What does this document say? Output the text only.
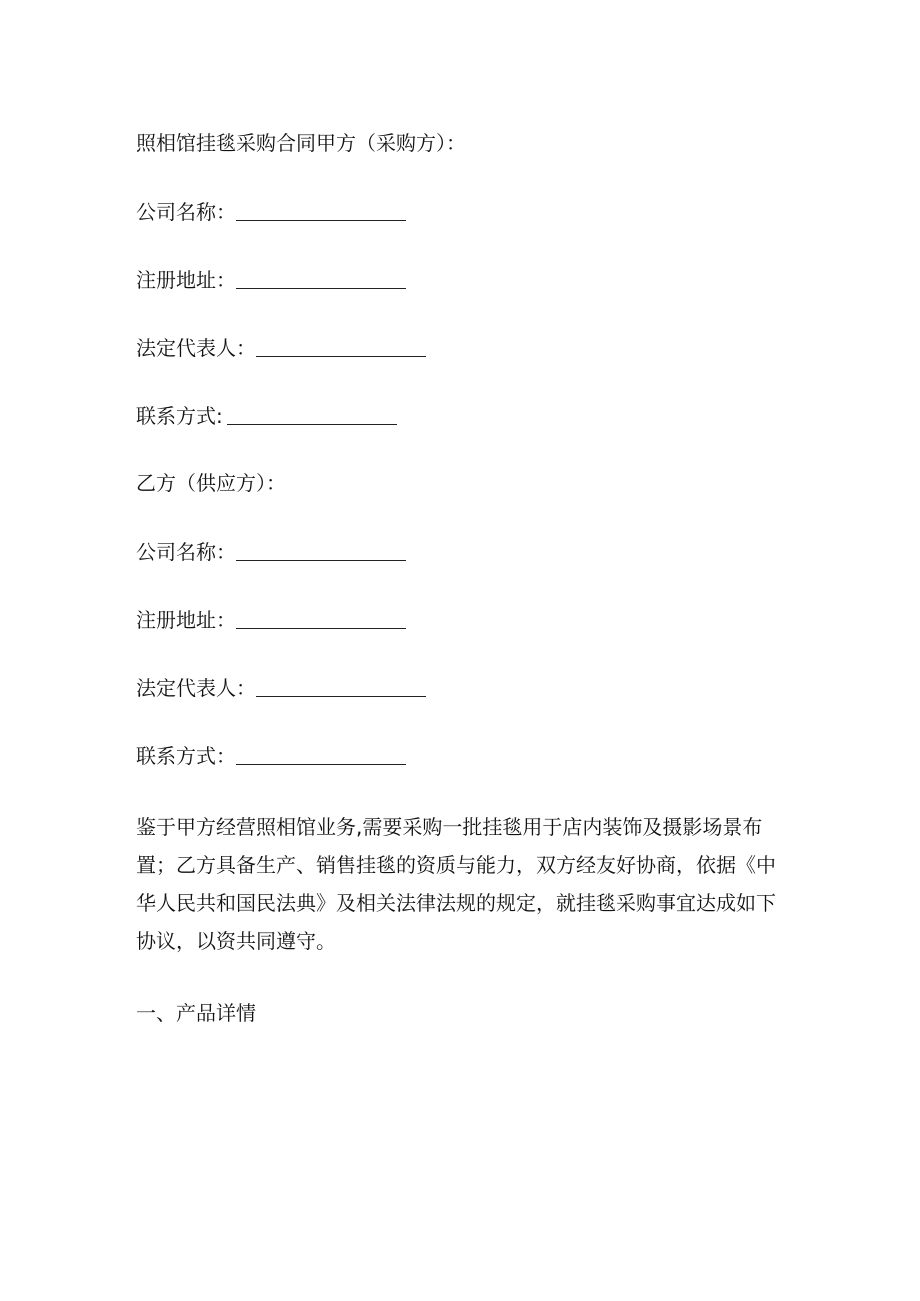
照相馆挂毯采购合同甲方（采购方）：
公司名称：
注册地址：
法定代表人：
联系方式:
乙方（供应方）：
公司名称：
注册地址：
法定代表人：
联系方式：

鉴于甲方经营照相馆业务,需要采购一批挂毯用于店内装饰及摄影场景布置；乙方具备生产、销售挂毯的资质与能力，双方经友好协商，依据《中华人民共和国民法典》及相关法律法规的规定，就挂毯采购事宜达成如下协议，以资共同遵守。

一、产品详情
